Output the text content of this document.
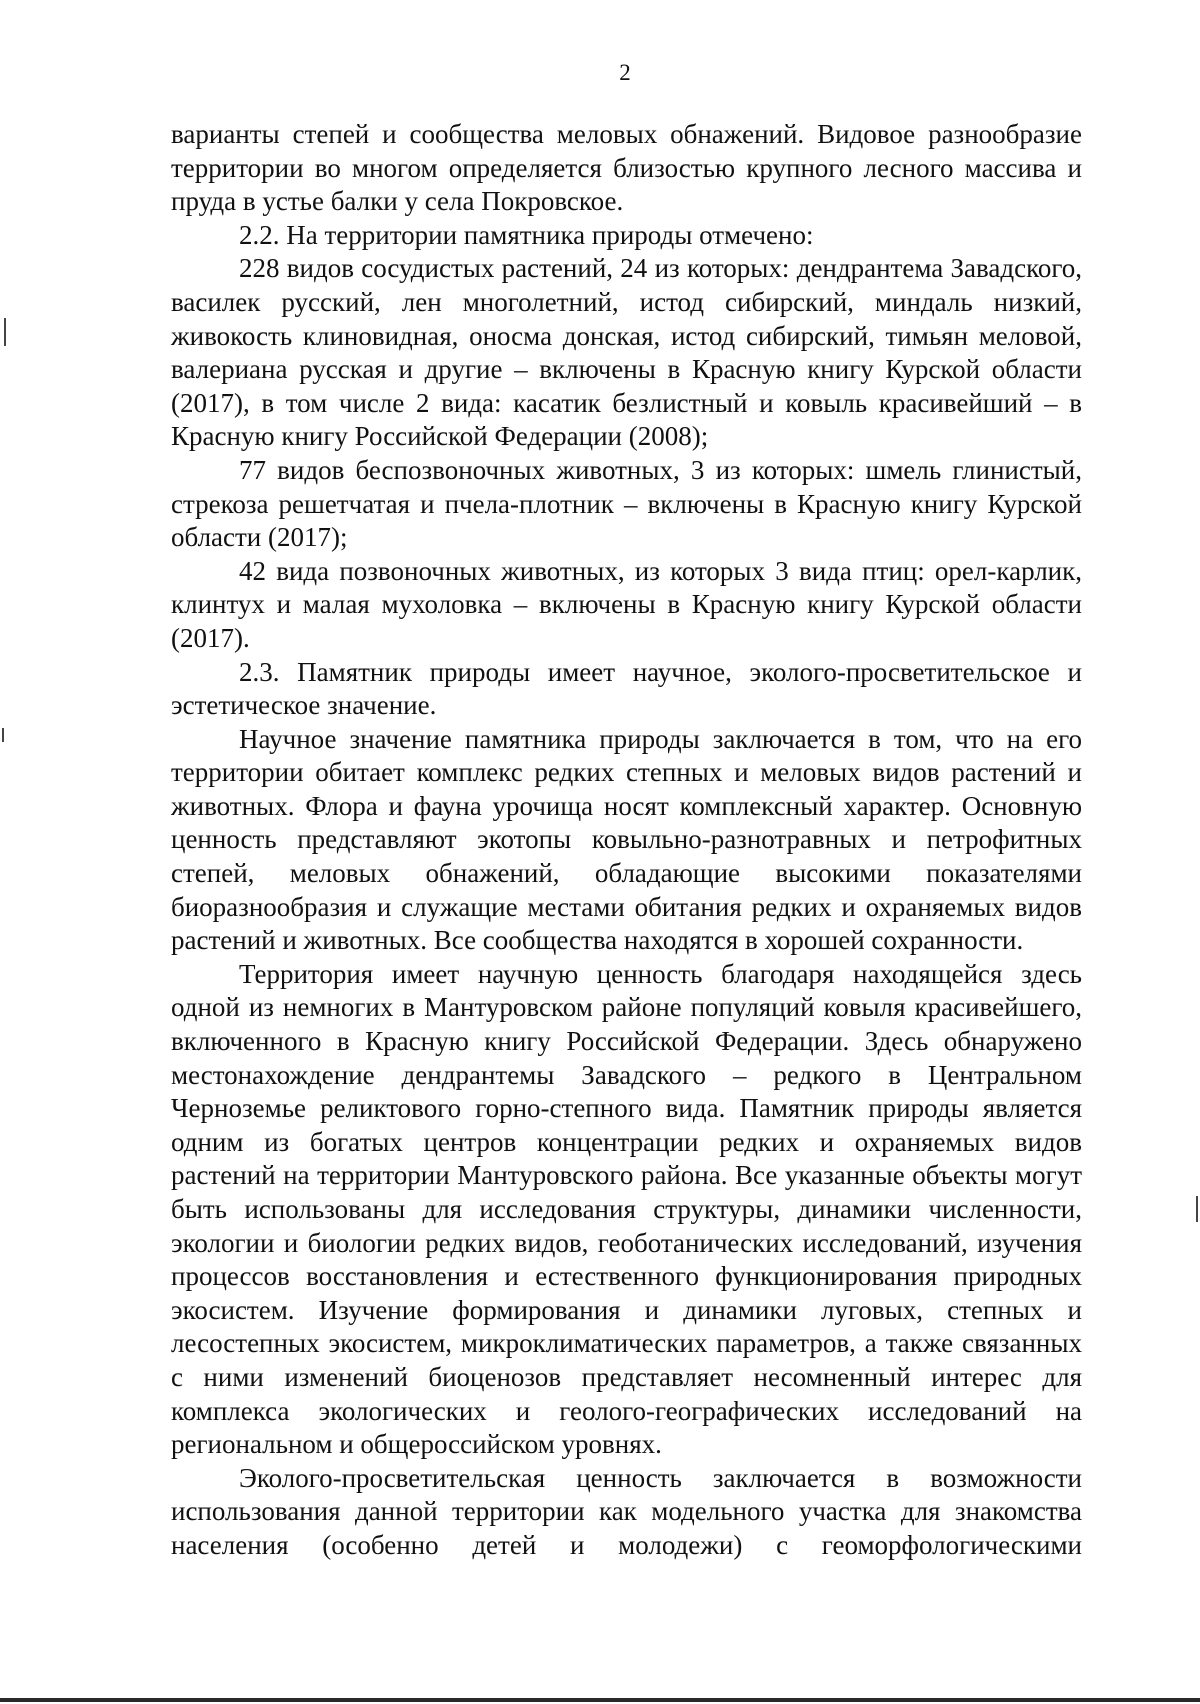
2

варианты степей и сообщества меловых обнажений. Видовое разнообразие территории во многом определяется близостью крупного лесного массива и пруда в устье балки у села Покровское.

2.2. На территории памятника природы отмечено:

228 видов сосудистых растений, 24 из которых: дендрантема Завадского, василек русский, лен многолетний, истод сибирский, миндаль низкий, живокость клиновидная, оносма донская, истод сибирский, тимьян меловой, валериана русская и другие – включены в Красную книгу Курской области (2017), в том числе 2 вида: касатик безлистный и ковыль красивейший – в Красную книгу Российской Федерации (2008);

77 видов беспозвоночных животных, 3 из которых: шмель глинистый, стрекоза решетчатая и пчела-плотник – включены в Красную книгу Курской области (2017);

42 вида позвоночных животных, из которых 3 вида птиц: орел-карлик, клинтух и малая мухоловка – включены в Красную книгу Курской области (2017).

2.3. Памятник природы имеет научное, эколого-просветительское и эстетическое значение.

Научное значение памятника природы заключается в том, что на его территории обитает комплекс редких степных и меловых видов растений и животных. Флора и фауна урочища носят комплексный характер. Основную ценность представляют экотопы ковыльно-разнотравных и петрофитных степей, меловых обнажений, обладающие высокими показателями биоразнообразия и служащие местами обитания редких и охраняемых видов растений и животных. Все сообщества находятся в хорошей сохранности.

Территория имеет научную ценность благодаря находящейся здесь одной из немногих в Мантуровском районе популяций ковыля красивейшего, включенного в Красную книгу Российской Федерации. Здесь обнаружено местонахождение дендрантемы Завадского – редкого в Центральном Черноземье реликтового горно-степного вида. Памятник природы является одним из богатых центров концентрации редких и охраняемых видов растений на территории Мантуровского района. Все указанные объекты могут быть использованы для исследования структуры, динамики численности, экологии и биологии редких видов, геоботанических исследований, изучения процессов восстановления и естественного функционирования природных экосистем. Изучение формирования и динамики луговых, степных и лесостепных экосистем, микроклиматических параметров, а также связанных с ними изменений биоценозов представляет несомненный интерес для комплекса экологических и геолого-географических исследований на региональном и общероссийском уровнях.

Эколого-просветительская ценность заключается в возможности использования данной территории как модельного участка для знакомства населения (особенно детей и молодежи) с геоморфологическими
